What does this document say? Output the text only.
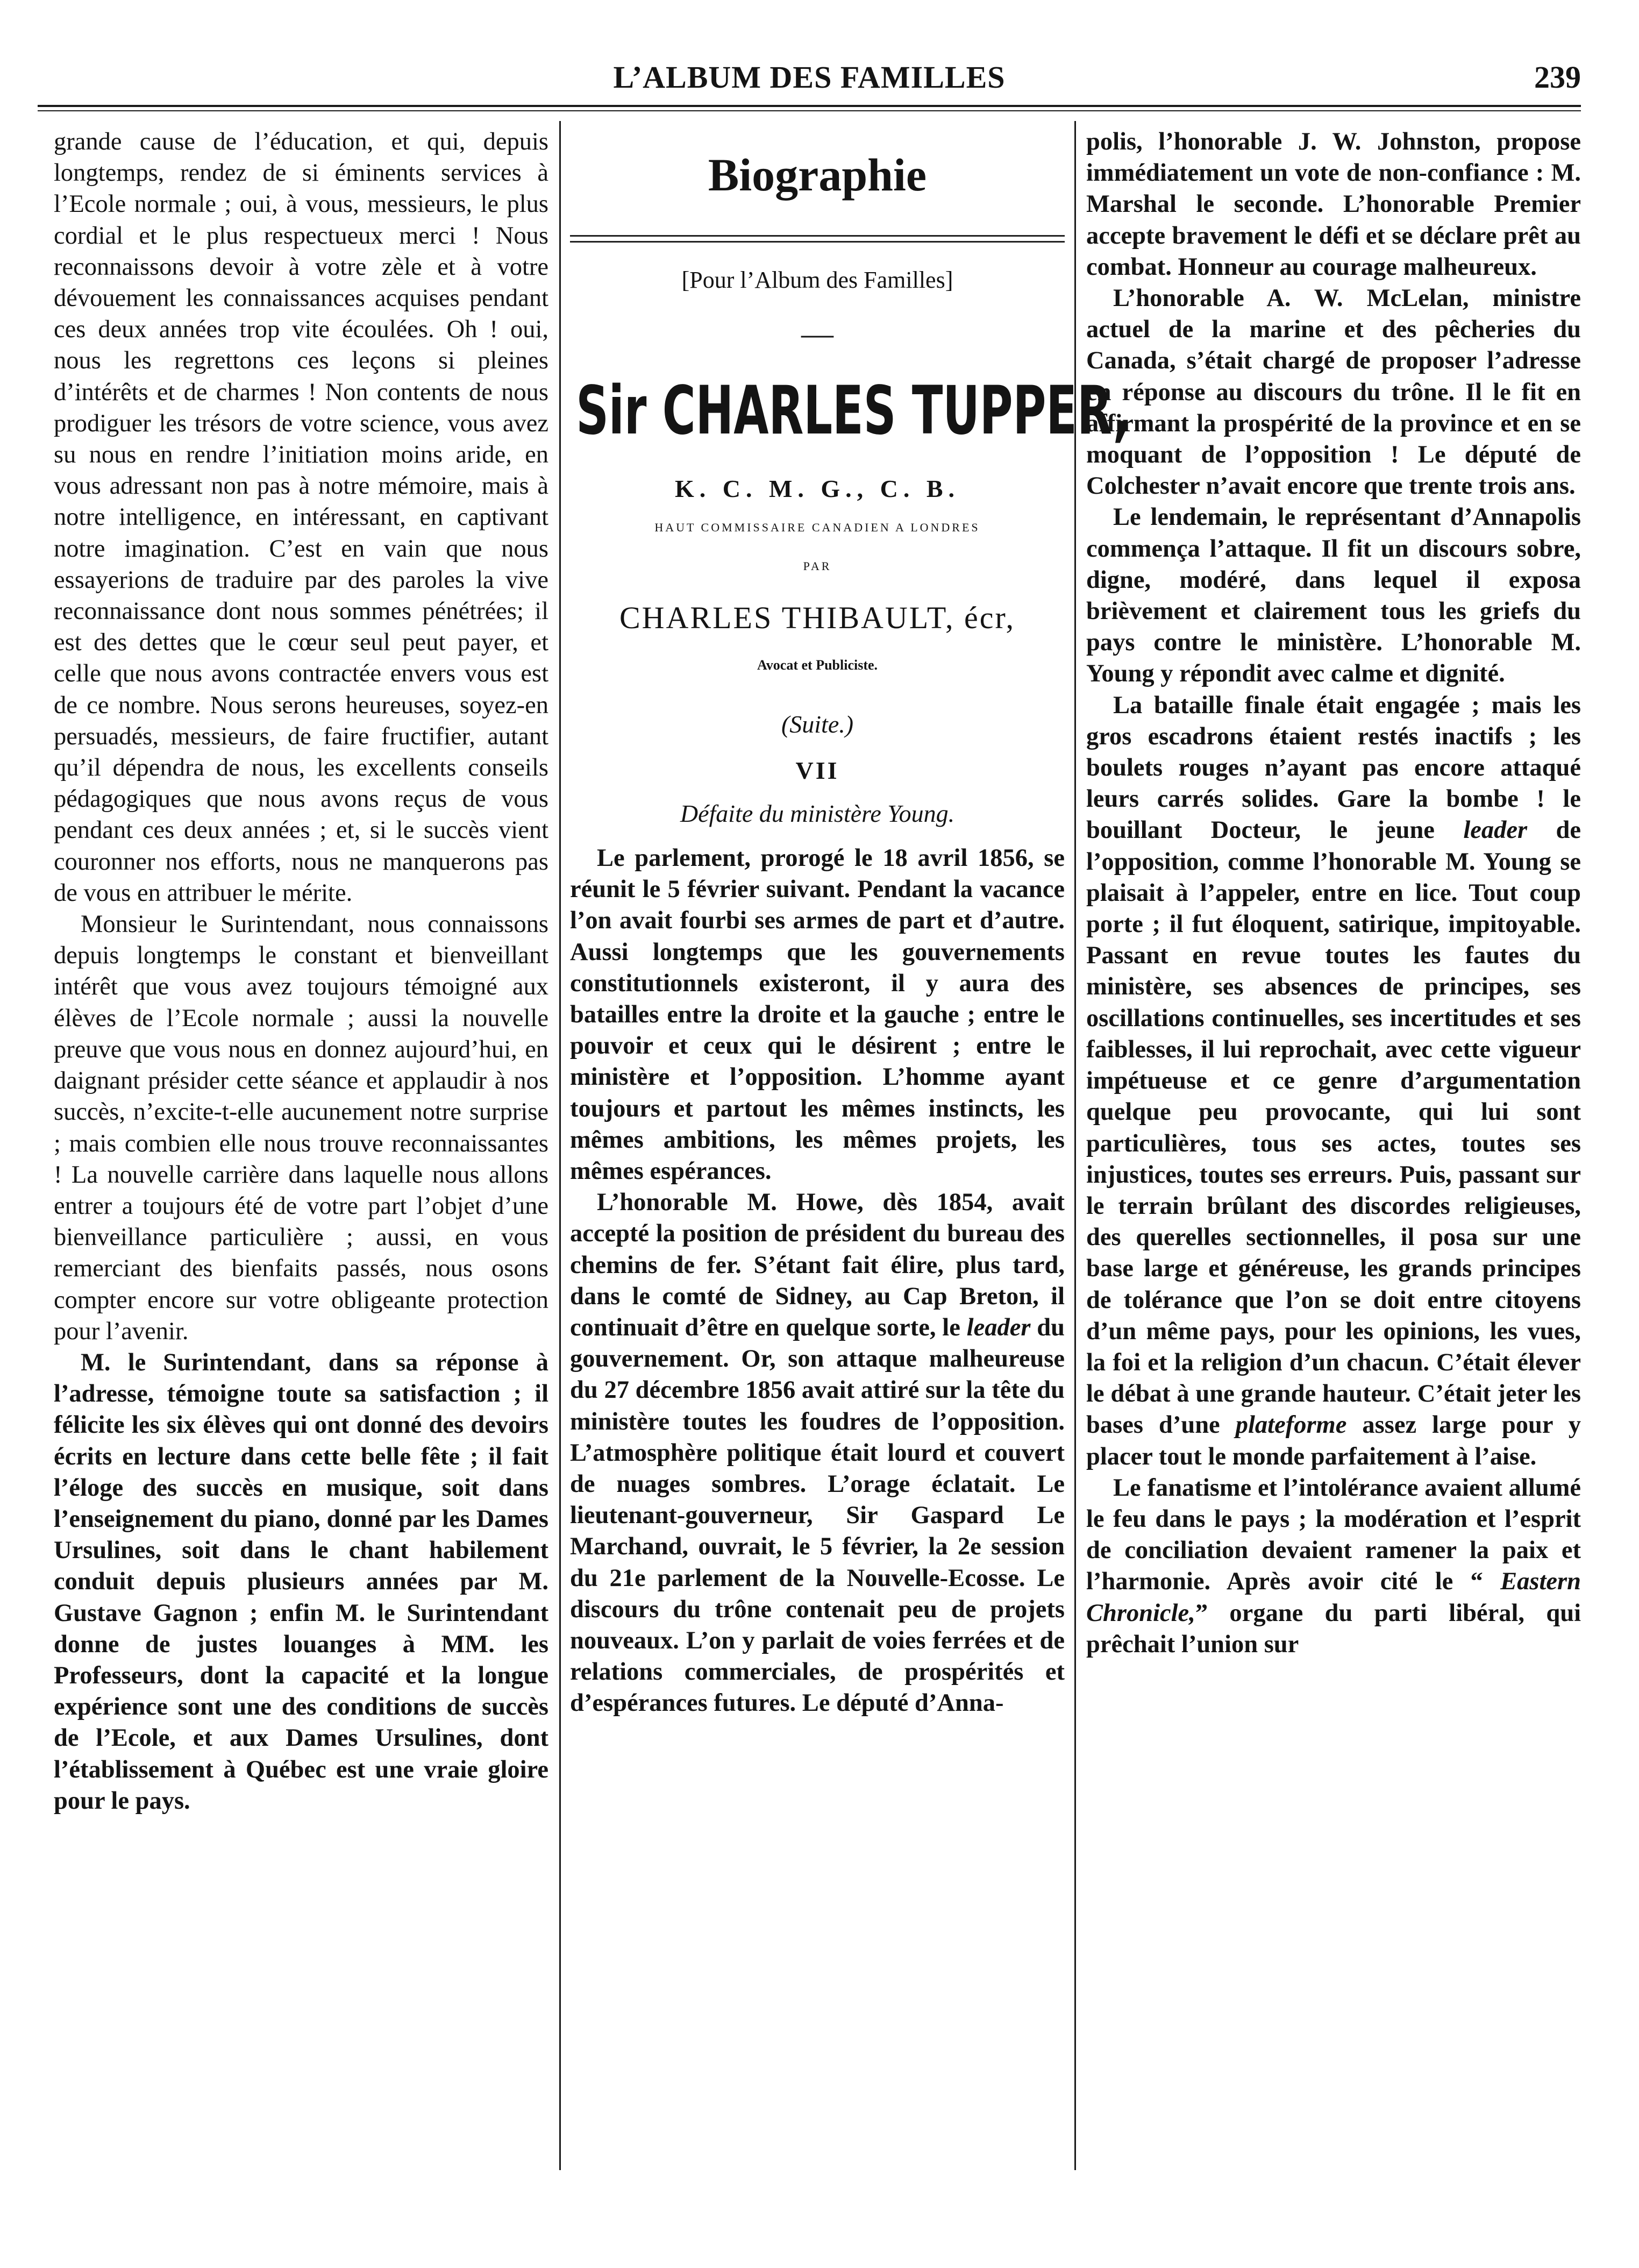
L’ALBUM DES FAMILLES	239

grande cause de l’éducation, et qui, depuis longtemps, rendez de si éminents services à l’Ecole normale ; oui, à vous, messieurs, le plus cordial et le plus respectueux merci ! Nous reconnaissons devoir à votre zèle et à votre dévouement les connaissances acquises pendant ces deux années trop vite écoulées. Oh ! oui, nous les regrettons ces leçons si pleines d’intérêts et de charmes ! Non contents de nous prodiguer les trésors de votre science, vous avez su nous en rendre l’initiation moins aride, en vous adressant non pas à notre mémoire, mais à notre intelligence, en intéressant, en captivant notre imagination. C’est en vain que nous essayerions de traduire par des paroles la vive reconnaissance dont nous sommes pénétrées; il est des dettes que le cœur seul peut payer, et celle que nous avons contractée envers vous est de ce nombre. Nous serons heureuses, soyez-en persuadés, messieurs, de faire fructifier, autant qu’il dépendra de nous, les excellents conseils pédagogiques que nous avons reçus de vous pendant ces deux années ; et, si le succès vient couronner nos efforts, nous ne manquerons pas de vous en attribuer le mérite.

Monsieur le Surintendant, nous connaissons depuis longtemps le constant et bienveillant intérêt que vous avez toujours témoigné aux élèves de l’Ecole normale ; aussi la nouvelle preuve que vous nous en donnez aujourd’hui, en daignant présider cette séance et applaudir à nos succès, n’excite-t-elle aucunement notre surprise ; mais combien elle nous trouve reconnaissantes ! La nouvelle carrière dans laquelle nous allons entrer a toujours été de votre part l’objet d’une bienveillance particulière ; aussi, en vous remerciant des bienfaits passés, nous osons compter encore sur votre obligeante protection pour l’avenir.

M. le Surintendant, dans sa réponse à l’adresse, témoigne toute sa satisfaction ; il félicite les six élèves qui ont donné des devoirs écrits en lecture dans cette belle fête ; il fait l’éloge des succès en musique, soit dans l’enseignement du piano, donné par les Dames Ursulines, soit dans le chant habilement conduit depuis plusieurs années par M. Gustave Gagnon ; enfin M. le Surintendant donne de justes louanges à MM. les Professeurs, dont la capacité et la longue expérience sont une des conditions de succès de l’Ecole, et aux Dames Ursulines, dont l’établissement à Québec est une vraie gloire pour le pays.

Biographie
[Pour l’Album des Familles]
—
Sir CHARLES TUPPER,
K. C. M. G., C. B.
HAUT COMMISSAIRE CANADIEN A LONDRES
PAR
CHARLES THIBAULT, écr,
Avocat et Publiciste.
(Suite.)
VII
Défaite du ministère Young.

Le parlement, prorogé le 18 avril 1856, se réunit le 5 février suivant. Pendant la vacance l’on avait fourbi ses armes de part et d’autre. Aussi longtemps que les gouvernements constitutionnels existeront, il y aura des batailles entre la droite et la gauche ; entre le pouvoir et ceux qui le désirent ; entre le ministère et l’opposition. L’homme ayant toujours et partout les mêmes instincts, les mêmes ambitions, les mêmes projets, les mêmes espérances.

L’honorable M. Howe, dès 1854, avait accepté la position de président du bureau des chemins de fer. S’étant fait élire, plus tard, dans le comté de Sidney, au Cap Breton, il continuait d’être en quelque sorte, le leader du gouvernement. Or, son attaque malheureuse du 27 décembre 1856 avait attiré sur la tête du ministère toutes les foudres de l’opposition. L’atmosphère politique était lourd et couvert de nuages sombres. L’orage éclatait. Le lieutenant-gouverneur, Sir Gaspard Le Marchand, ouvrait, le 5 février, la 2e session du 21e parlement de la Nouvelle-Ecosse. Le discours du trône contenait peu de projets nouveaux. L’on y parlait de voies ferrées et de relations commerciales, de prospérités et d’espérances futures. Le député d’Anna-

polis, l’honorable J. W. Johnston, propose immédiatement un vote de non-confiance : M. Marshal le seconde. L’honorable Premier accepte bravement le défi et se déclare prêt au combat. Honneur au courage malheureux.

L’honorable A. W. McLelan, ministre actuel de la marine et des pêcheries du Canada, s’était chargé de proposer l’adresse en réponse au discours du trône. Il le fit en affirmant la prospérité de la province et en se moquant de l’opposition ! Le député de Colchester n’avait encore que trente trois ans.

Le lendemain, le représentant d’Annapolis commença l’attaque. Il fit un discours sobre, digne, modéré, dans lequel il exposa brièvement et clairement tous les griefs du pays contre le ministère. L’honorable M. Young y répondit avec calme et dignité.

La bataille finale était engagée ; mais les gros escadrons étaient restés inactifs ; les boulets rouges n’ayant pas encore attaqué leurs carrés solides. Gare la bombe ! le bouillant Docteur, le jeune leader de l’opposition, comme l’honorable M. Young se plaisait à l’appeler, entre en lice. Tout coup porte ; il fut éloquent, satirique, impitoyable. Passant en revue toutes les fautes du ministère, ses absences de principes, ses oscillations continuelles, ses incertitudes et ses faiblesses, il lui reprochait, avec cette vigueur impétueuse et ce genre d’argumentation quelque peu provocante, qui lui sont particulières, tous ses actes, toutes ses injustices, toutes ses erreurs. Puis, passant sur le terrain brûlant des discordes religieuses, des querelles sectionnelles, il posa sur une base large et généreuse, les grands principes de tolérance que l’on se doit entre citoyens d’un même pays, pour les opinions, les vues, la foi et la religion d’un chacun. C’était élever le débat à une grande hauteur. C’était jeter les bases d’une plateforme assez large pour y placer tout le monde parfaitement à l’aise.

Le fanatisme et l’intolérance avaient allumé le feu dans le pays ; la modération et l’esprit de conciliation devaient ramener la paix et l’harmonie. Après avoir cité le “ Eastern Chronicle,” organe du parti libéral, qui prêchait l’union sur
